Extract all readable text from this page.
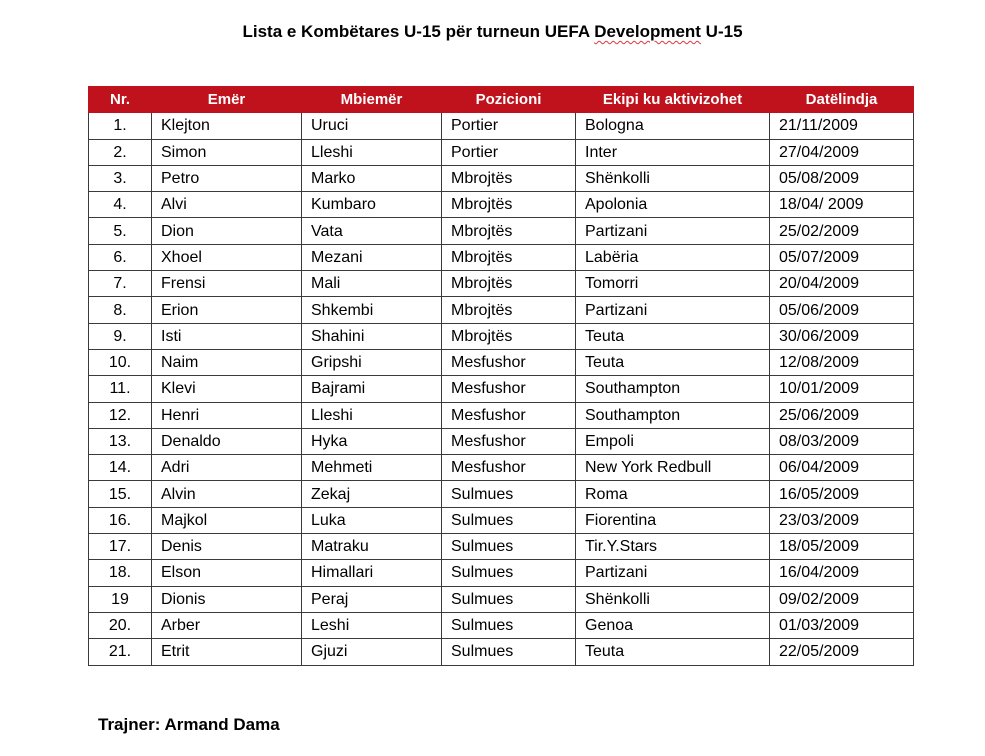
Lista e Kombëtares U-15 për turneun UEFA Development U-15
Nr.	Emër	Mbiemër	Pozicioni	Ekipi ku aktivizohet	Datëlindja
1.	Klejton	Uruci	Portier	Bologna	21/11/2009
2.	Simon	Lleshi	Portier	Inter	27/04/2009
3.	Petro	Marko	Mbrojtës	Shënkolli	05/08/2009
4.	Alvi	Kumbaro	Mbrojtës	Apolonia	18/04/ 2009
5.	Dion	Vata	Mbrojtës	Partizani	25/02/2009
6.	Xhoel	Mezani	Mbrojtës	Labëria	05/07/2009
7.	Frensi	Mali	Mbrojtës	Tomorri	20/04/2009
8.	Erion	Shkembi	Mbrojtës	Partizani	05/06/2009
9.	Isti	Shahini	Mbrojtës	Teuta	30/06/2009
10.	Naim	Gripshi	Mesfushor	Teuta	12/08/2009
11.	Klevi	Bajrami	Mesfushor	Southampton	10/01/2009
12.	Henri	Lleshi	Mesfushor	Southampton	25/06/2009
13.	Denaldo	Hyka	Mesfushor	Empoli	08/03/2009
14.	Adri	Mehmeti	Mesfushor	New York Redbull	06/04/2009
15.	Alvin	Zekaj	Sulmues	Roma	16/05/2009
16.	Majkol	Luka	Sulmues	Fiorentina	23/03/2009
17.	Denis	Matraku	Sulmues	Tir.Y.Stars	18/05/2009
18.	Elson	Himallari	Sulmues	Partizani	16/04/2009
19	Dionis	Peraj	Sulmues	Shënkolli	09/02/2009
20.	Arber	Leshi	Sulmues	Genoa	01/03/2009
21.	Etrit	Gjuzi	Sulmues	Teuta	22/05/2009
Trajner: Armand Dama
